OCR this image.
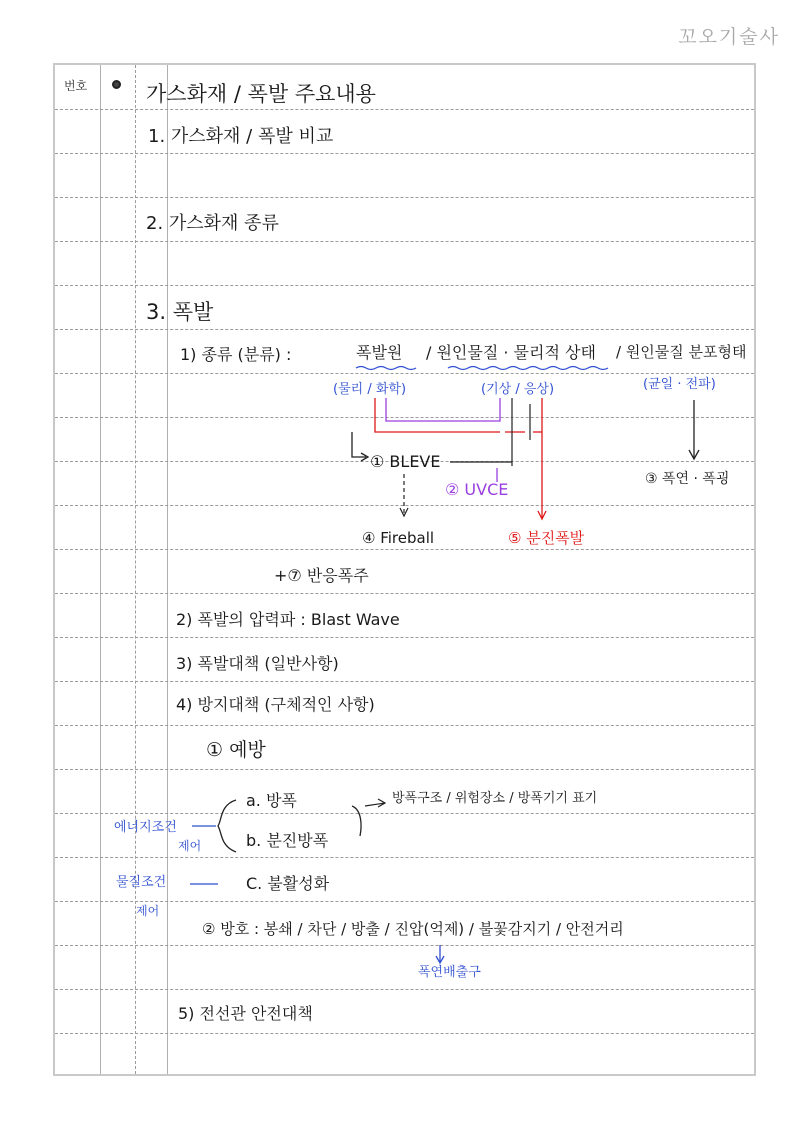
꼬오기술사
번호	가스화재 / 폭발 주요내용
1. 가스화재 / 폭발 비교
2. 가스화재 종류
3. 폭발
1) 종류 (분류) :	폭발원 / 원인물질 · 물리적 상태 / 원인물질 분포형태
(물리 / 화학)	(기상 / 응상)	(균일 · 전파)
① BLEVE
② UVCE
③ 폭연 · 폭굉
④ Fireball	⑤ 분진폭발
+⑦ 반응폭주
2) 폭발의 압력파 : Blast Wave
3) 폭발대책 (일반사항)
4) 방지대책 (구체적인 사항)
① 예방
a. 방폭
b. 분진방폭
C. 불활성화
방폭구조 / 위험장소 / 방폭기기 표기
에너지조건
제어
물질조건
제어
② 방호 : 봉쇄 / 차단 / 방출 / 진압(억제) / 불꽃감지기 / 안전거리
폭연배출구
5) 전선관 안전대책
